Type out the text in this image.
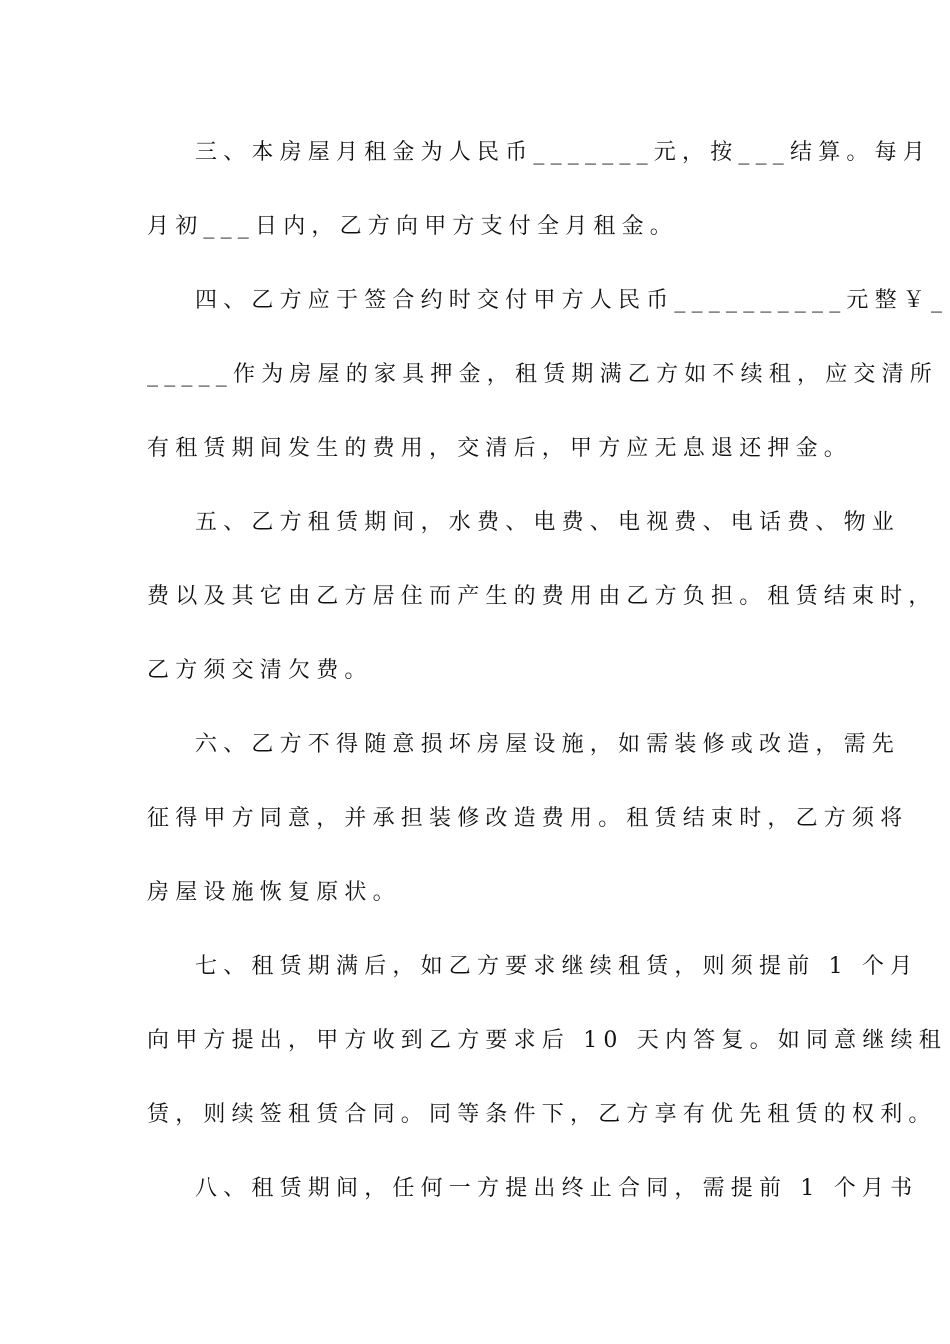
三、本房屋月租金为人民币_______元，按___结算。每月

月初___日内，乙方向甲方支付全月租金。

四、乙方应于签合约时交付甲方人民币__________元整￥_

_____作为房屋的家具押金，租赁期满乙方如不续租，应交清所

有租赁期间发生的费用，交清后，甲方应无息退还押金。

五、乙方租赁期间，水费、电费、电视费、电话费、物业

费以及其它由乙方居住而产生的费用由乙方负担。租赁结束时，

乙方须交清欠费。

六、乙方不得随意损坏房屋设施，如需装修或改造，需先

征得甲方同意，并承担装修改造费用。租赁结束时，乙方须将

房屋设施恢复原状。

七、租赁期满后，如乙方要求继续租赁，则须提前 1 个月

向甲方提出，甲方收到乙方要求后 10 天内答复。如同意继续租

赁，则续签租赁合同。同等条件下，乙方享有优先租赁的权利。

八、租赁期间，任何一方提出终止合同，需提前 1 个月书
